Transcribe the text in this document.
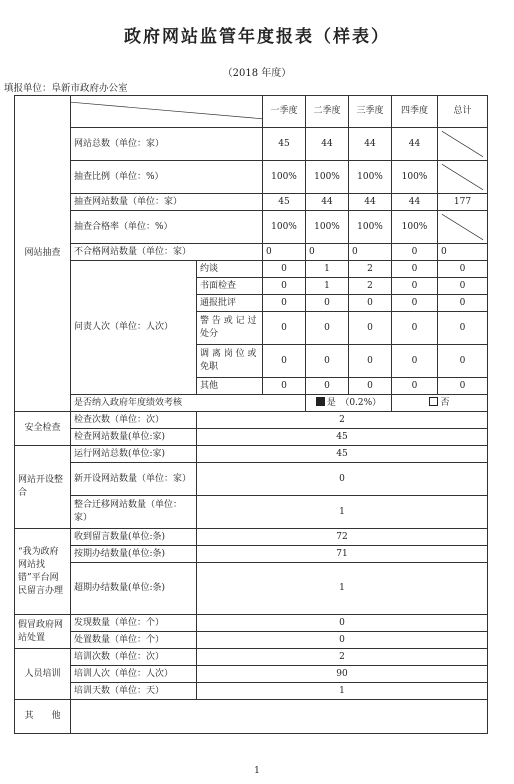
政府网站监管年度报表（样表）
（2018 年度）
填报单位：阜新市政府办公室
网站抽查			一季度	二季度	三季度	四季度	总计
	网站总数（单位：家）		45	44	44	44	

	抽查比例（单位：%）		100%	100%	100%	100%	

	抽查网站数量（单位：家）		45	44	44	44	177
	抽查合格率（单位：%）		100%	100%	100%	100%	

	不合格网站数量（单位：家）		0	0	0	0	0
	问责人次（单位：人次）	约谈	0	1	2	0	0
		书面检查	0	1	2	0	0
		通报批评	0	0	0	0	0
		警 告 或 记 过处分	0	0	0	0	0
		调 离 岗 位 或免职	0	0	0	0	0
		其他	0	0	0	0	0
	是否纳入政府年度绩效考核			是　（0.2%）		否	
安全检查	检查次数（单位：次）	2					
	检查网站数量(单位:家)	45					
网站开设整合	运行网站总数(单位:家)	45					
	新开设网站数量（单位：家）	0					
	整合迁移网站数量（单位：家）	1					
“我为政府网站找错”平台网民留言办理	收到留言数量(单位:条)	72					
	按期办结数量(单位:条)	71					
	超期办结数量(单位:条)	1					
假冒政府网站处置	发现数量（单位：个）	0					
	处置数量（单位：个）	0					
人员培训	培训次数（单位：次）	2					
	培训人次（单位：人次）	90					
	培训天数（单位：天）	1					
其　　他							
1
